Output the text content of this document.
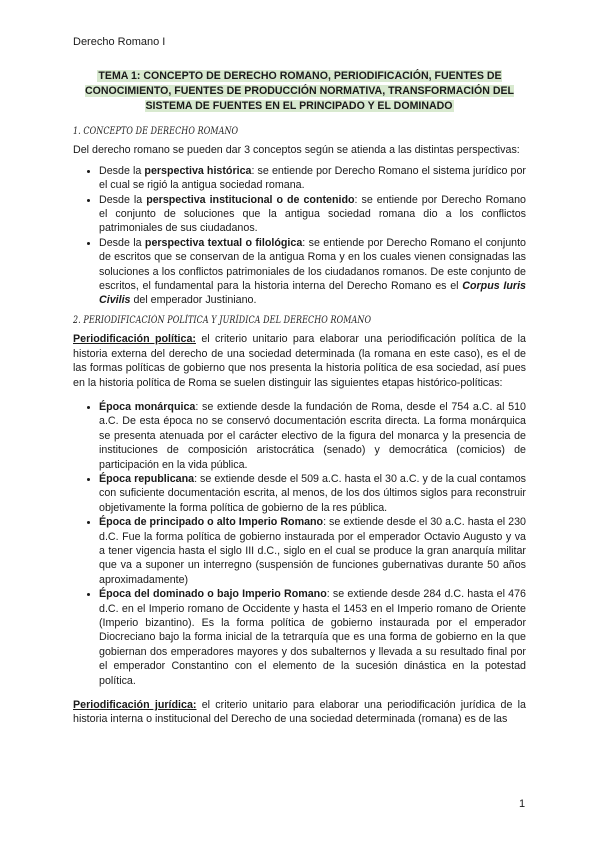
Derecho Romano I
TEMA 1: CONCEPTO DE DERECHO ROMANO, PERIODIFICACIÓN, FUENTES DE CONOCIMIENTO, FUENTES DE PRODUCCIÓN NORMATIVA, TRANSFORMACIÓN DEL SISTEMA DE FUENTES EN EL PRINCIPADO Y EL DOMINADO
1. CONCEPTO DE DERECHO ROMANO

Del derecho romano se pueden dar 3 conceptos según se atienda a las distintas perspectivas:

• Desde la perspectiva histórica: se entiende por Derecho Romano el sistema jurídico por el cual se rigió la antigua sociedad romana.
• Desde la perspectiva institucional o de contenido: se entiende por Derecho Romano el conjunto de soluciones que la antigua sociedad romana dio a los conflictos patrimoniales de sus ciudadanos.
• Desde la perspectiva textual o filológica: se entiende por Derecho Romano el conjunto de escritos que se conservan de la antigua Roma y en los cuales vienen consignadas las soluciones a los conflictos patrimoniales de los ciudadanos romanos. De este conjunto de escritos, el fundamental para la historia interna del Derecho Romano es el Corpus Iuris Civilis del emperador Justiniano.
2. PERIODIFICACIÓN POLÍTICA Y JURÍDICA DEL DERECHO ROMANO

Periodificación política: el criterio unitario para elaborar una periodificación política de la historia externa del derecho de una sociedad determinada (la romana en este caso), es el de las formas políticas de gobierno que nos presenta la historia política de esa sociedad, así pues en la historia política de Roma se suelen distinguir las siguientes etapas histórico-políticas:

• Época monárquica: se extiende desde la fundación de Roma, desde el 754 a.C. al 510 a.C. De esta época no se conservó documentación escrita directa. La forma monárquica se presenta atenuada por el carácter electivo de la figura del monarca y la presencia de instituciones de composición aristocrática (senado) y democrática (comicios) de participación en la vida pública.
• Época republicana: se extiende desde el 509 a.C. hasta el 30 a.C. y de la cual contamos con suficiente documentación escrita, al menos, de los dos últimos siglos para reconstruir objetivamente la forma política de gobierno de la res pública.
• Época de principado o alto Imperio Romano: se extiende desde el 30 a.C. hasta el 230 d.C. Fue la forma política de gobierno instaurada por el emperador Octavio Augusto y va a tener vigencia hasta el siglo III d.C., siglo en el cual se produce la gran anarquía militar que va a suponer un interregno (suspensión de funciones gubernativas durante 50 años aproximadamente)
• Época del dominado o bajo Imperio Romano: se extiende desde 284 d.C. hasta el 476 d.C. en el Imperio romano de Occidente y hasta el 1453 en el Imperio romano de Oriente (Imperio bizantino). Es la forma política de gobierno instaurada por el emperador Diocreciano bajo la forma inicial de la tetrarquía que es una forma de gobierno en la que gobiernan dos emperadores mayores y dos subalternos y llevada a su resultado final por el emperador Constantino con el elemento de la sucesión dinástica en la potestad política.

Periodificación jurídica: el criterio unitario para elaborar una periodificación jurídica de la historia interna o institucional del Derecho de una sociedad determinada (romana) es de las

1
